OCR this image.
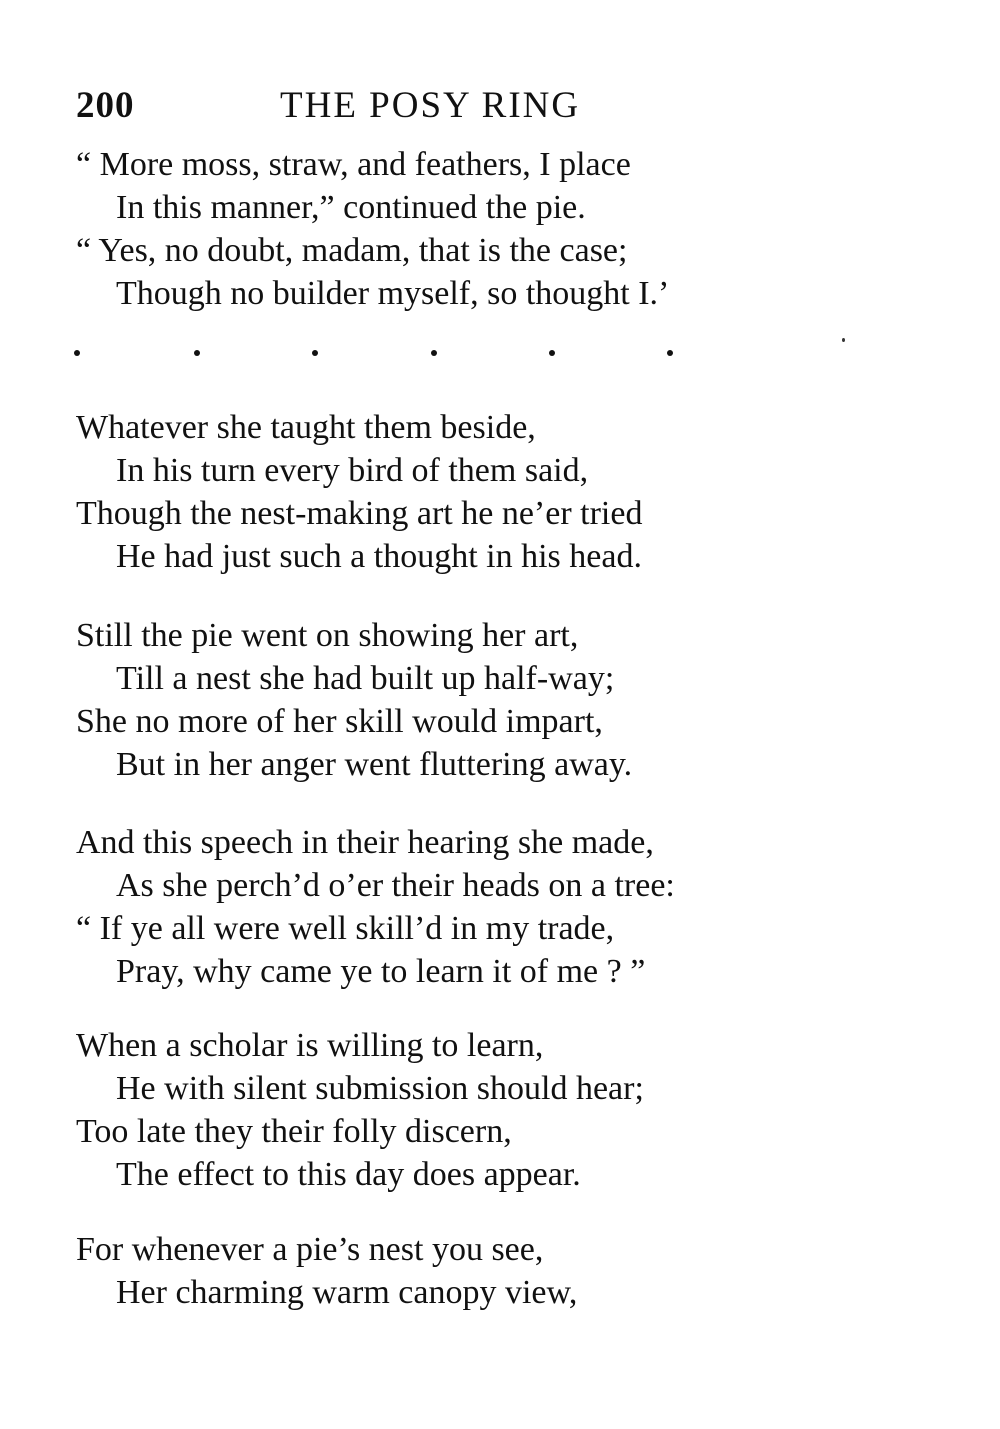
200	THE POSY RING
“ More moss, straw, and feathers, I place
In this manner,” continued the pie.
“ Yes, no doubt, madam, that is the case;
Though no builder myself, so thought I.’
Whatever she taught them beside,
In his turn every bird of them said,
Though the nest-making art he ne’er tried
He had just such a thought in his head.
Still the pie went on showing her art,
Till a nest she had built up half-way;
She no more of her skill would impart,
But in her anger went fluttering away.
And this speech in their hearing she made,
As she perch’d o’er their heads on a tree:
“ If ye all were well skill’d in my trade,
Pray, why came ye to learn it of me ? ”
When a scholar is willing to learn,
He with silent submission should hear;
Too late they their folly discern,
The effect to this day does appear.
For whenever a pie’s nest you see,
Her charming warm canopy view,
